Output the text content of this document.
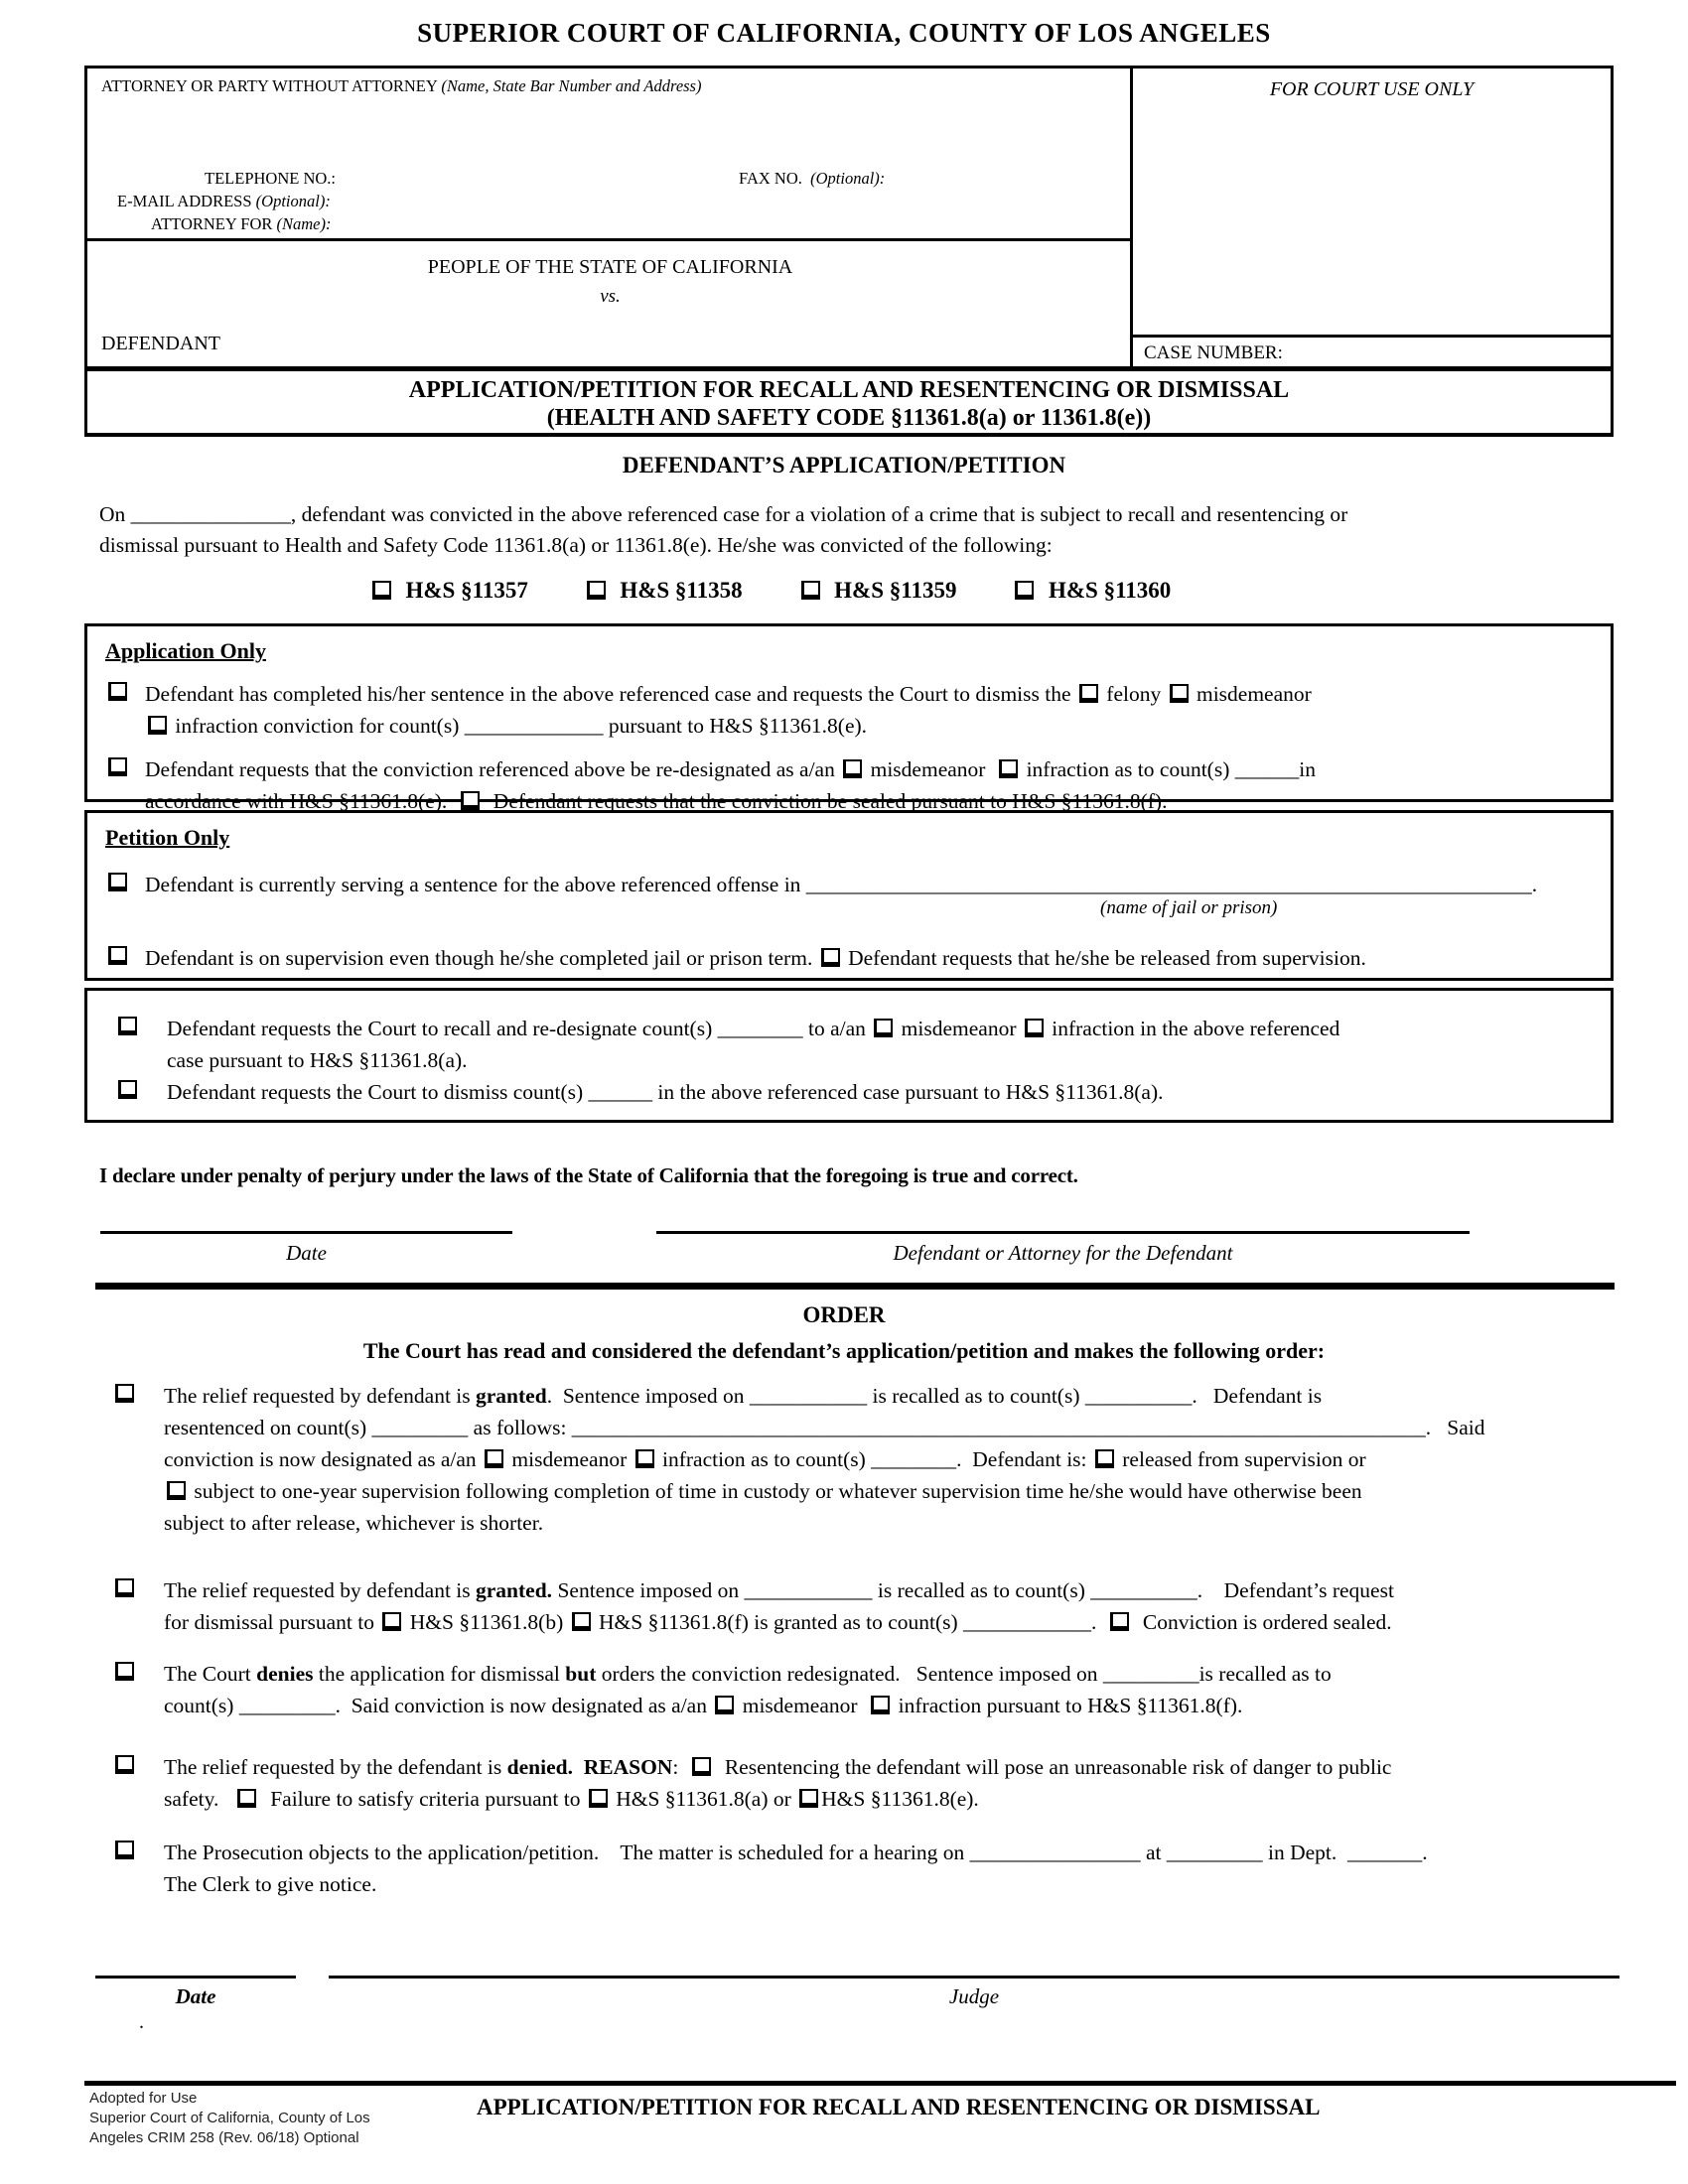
SUPERIOR COURT OF CALIFORNIA, COUNTY OF LOS ANGELES
ATTORNEY OR PARTY WITHOUT ATTORNEY (Name, State Bar Number and Address)
TELEPHONE NO.:	FAX NO.  (Optional):
E-MAIL ADDRESS (Optional):
ATTORNEY FOR (Name):
FOR COURT USE ONLY
PEOPLE OF THE STATE OF CALIFORNIA
vs.
DEFENDANT	CASE NUMBER:
APPLICATION/PETITION FOR RECALL AND RESENTENCING OR DISMISSAL
(HEALTH AND SAFETY CODE §11361.8(a) or 11361.8(e))
DEFENDANT’S APPLICATION/PETITION
On _______________, defendant was convicted in the above referenced case for a violation of a crime that is subject to recall and resentencing or
dismissal pursuant to Health and Safety Code 11361.8(a) or 11361.8(e). He/she was convicted of the following:
H&S §11357	H&S §11358	H&S §11359	H&S §11360
Application Only
Defendant has completed his/her sentence in the above referenced case and requests the Court to dismiss the  felony  misdemeanor
infraction conviction for count(s) _____________ pursuant to H&S §11361.8(e).
Defendant requests that the conviction referenced above be re-designated as a/an  misdemeanor   infraction as to count(s) ______in
accordance with H&S §11361.8(e).    Defendant requests that the conviction be sealed pursuant to H&S §11361.8(f).
Petition Only
Defendant is currently serving a sentence for the above referenced offense in ____________________________________________________________________.
Defendant is on supervision even though he/she completed jail or prison term.  Defendant requests that he/she be released from supervision.
(name of jail or prison)
Defendant requests the Court to recall and re-designate count(s) ________ to a/an  misdemeanor  infraction in the above referenced
case pursuant to H&S §11361.8(a).
Defendant requests the Court to dismiss count(s) ______ in the above referenced case pursuant to H&S §11361.8(a).
I declare under penalty of perjury under the laws of the State of California that the foregoing is true and correct.
Date	Defendant or Attorney for the Defendant
ORDER
The Court has read and considered the defendant’s application/petition and makes the following order:
The relief requested by defendant is granted.  Sentence imposed on ___________ is recalled as to count(s) __________.   Defendant is
resentenced on count(s) _________ as follows: ________________________________________________________________________________.   Said
conviction is now designated as a/an  misdemeanor  infraction as to count(s) ________.  Defendant is:  released from supervision or
subject to one-year supervision following completion of time in custody or whatever supervision time he/she would have otherwise been
subject to after release, whichever is shorter.
The relief requested by defendant is granted. Sentence imposed on ____________ is recalled as to count(s) __________.    Defendant’s request
for dismissal pursuant to  H&S §11361.8(b)  H&S §11361.8(f) is granted as to count(s) ____________.    Conviction is ordered sealed.
The Court denies the application for dismissal but orders the conviction redesignated.   Sentence imposed on _________is recalled as to
count(s) _________.  Said conviction is now designated as a/an  misdemeanor   infraction pursuant to H&S §11361.8(f).
The relief requested by the defendant is denied. REASON:    Resentencing the defendant will pose an unreasonable risk of danger to public
safety.     Failure to satisfy criteria pursuant to  H&S §11361.8(a) or H&S §11361.8(e).
The Prosecution objects to the application/petition.    The matter is scheduled for a hearing on ________________ at _________ in Dept.  _______.
The Clerk to give notice.
Date	Judge
.
Adopted for Use
Superior Court of California, County of Los
Angeles CRIM 258 (Rev. 06/18) Optional
APPLICATION/PETITION FOR RECALL AND RESENTENCING OR DISMISSAL
